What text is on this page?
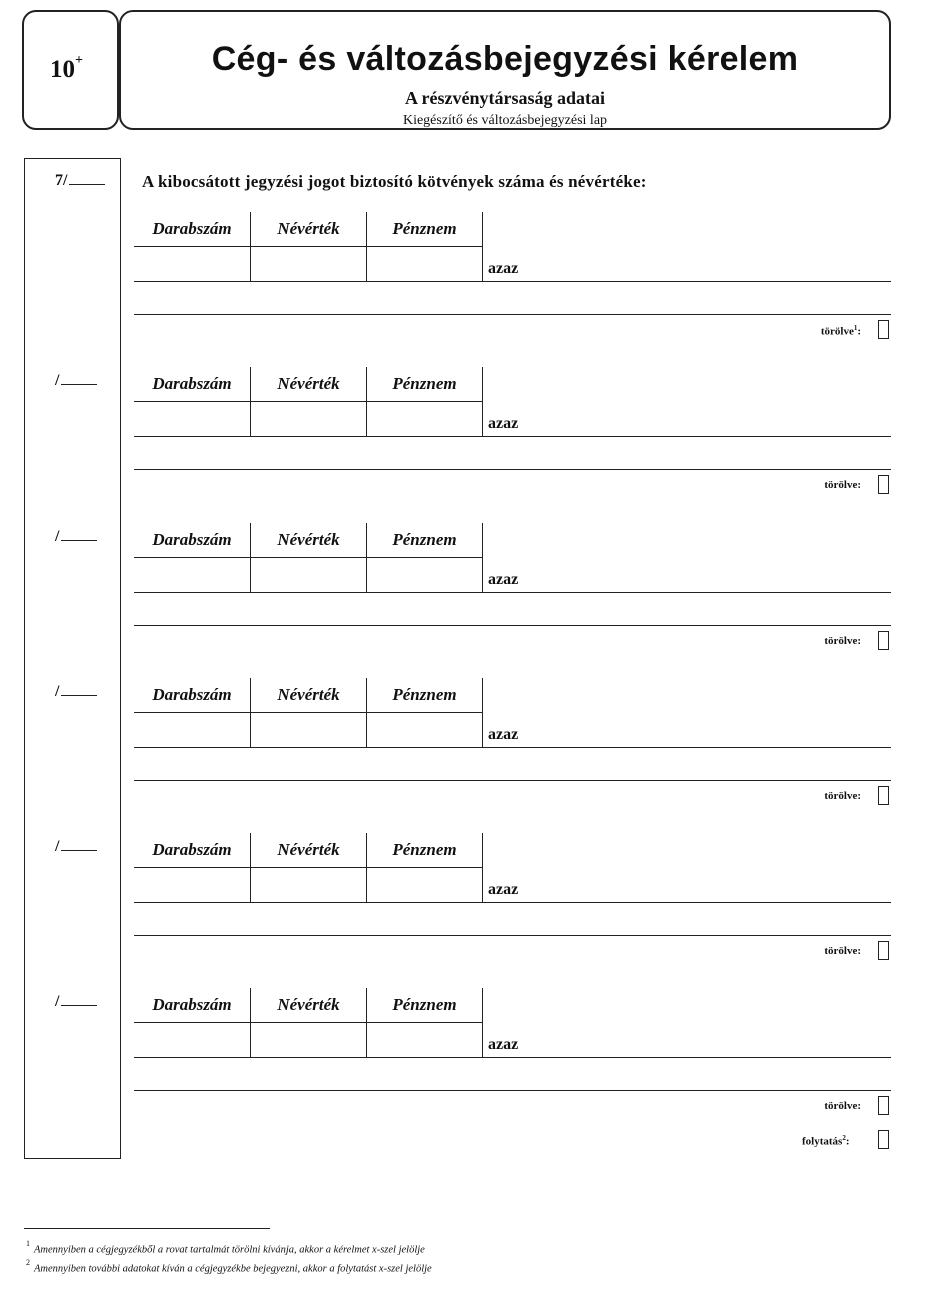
10+	Cég- és változásbejegyzési kérelem
A részvénytársaság adatai
Kiegészítő és változásbejegyzési lap
A kibocsátott jegyzési jogot biztosító kötvények száma és névértéke:
7/
Darabszám	Névérték	Pénznem
azaz
törölve$^1$:
/	Darabszám	Névérték	Pénznem
azaz
törölve:
/	Darabszám	Névérték	Pénznem
azaz
törölve:
/	Darabszám	Névérték	Pénznem
azaz
törölve:
/	Darabszám	Névérték	Pénznem
azaz
törölve:
/	Darabszám	Névérték	Pénznem
azaz
törölve:
folytatás$^2$:
$^1$Amennyiben a cégjegyzékből a rovat tartalmát törölni kívánja, akkor a kérelmet x-szel jelölje
$^2$Amennyiben további adatokat kíván a cégjegyzékbe bejegyezni, akkor a folytatást x-szel jelölje
